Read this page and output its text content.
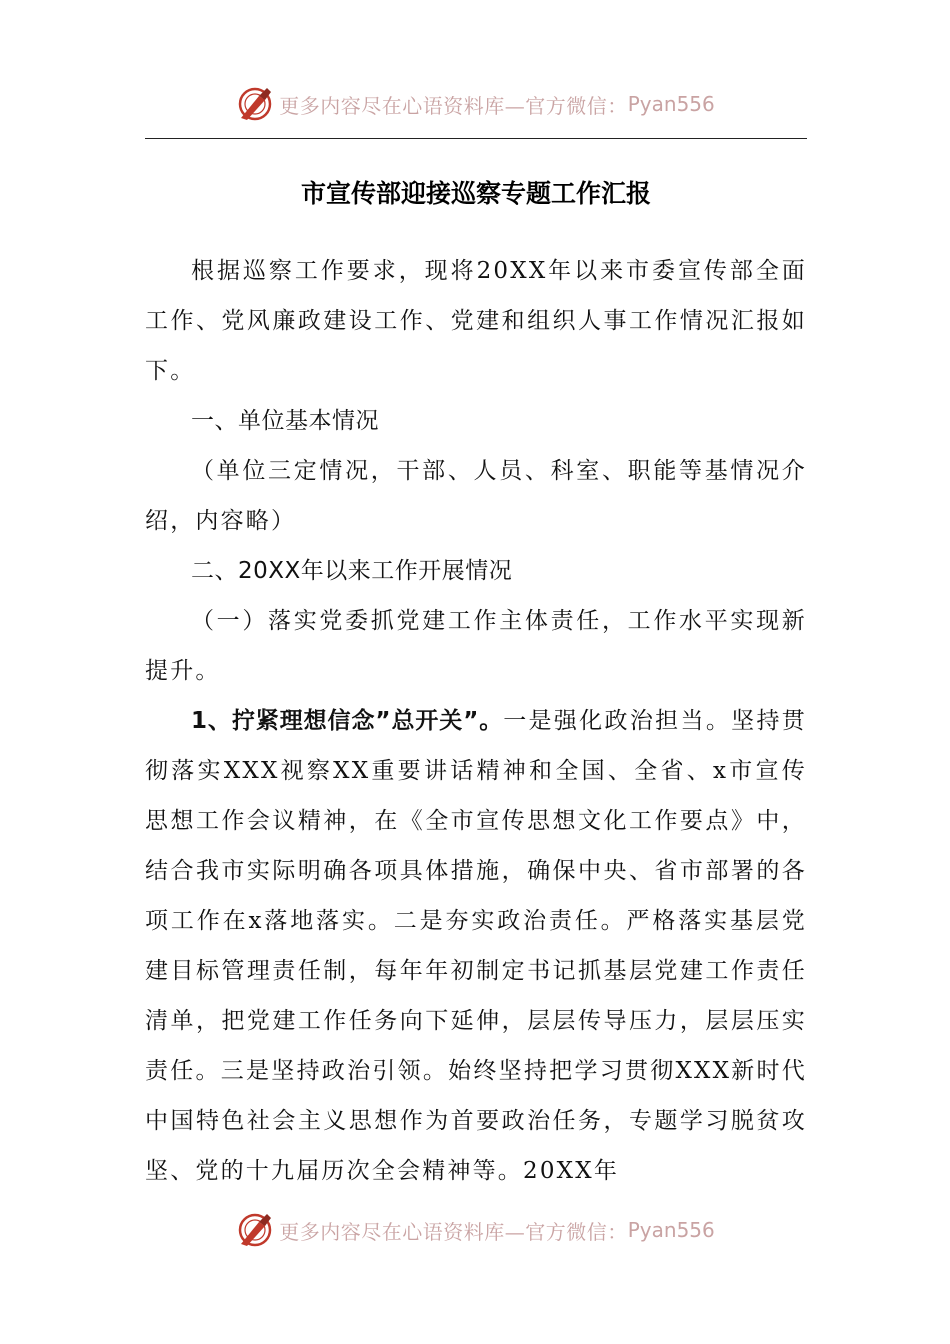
更多内容尽在心语资料库—官方微信： Pyan556
市宣传部迎接巡察专题工作汇报

根据巡察工作要求，现将20XX年以来市委宣传部全面工作、党风廉政建设工作、党建和组织人事工作情况汇报如下。

一、单位基本情况

（单位三定情况，干部、人员、科室、职能等基情况介绍，内容略）

二、20XX年以来工作开展情况

（一）落实党委抓党建工作主体责任，工作水平实现新提升。

1、拧紧理想信念”总开关”。一是强化政治担当。坚持贯彻落实XXX视察XX重要讲话精神和全国、全省、x市宣传思想工作会议精神，在《全市宣传思想文化工作要点》中，结合我市实际明确各项具体措施，确保中央、省市部署的各项工作在x落地落实。二是夯实政治责任。严格落实基层党建目标管理责任制，每年年初制定书记抓基层党建工作责任清单，把党建工作任务向下延伸，层层传导压力，层层压实责任。三是坚持政治引领。始终坚持把学习贯彻XXX新时代中国特色社会主义思想作为首要政治任务，专题学习脱贫攻坚、党的十九届历次全会精神等。20XX年

更多内容尽在心语资料库—官方微信： Pyan556
